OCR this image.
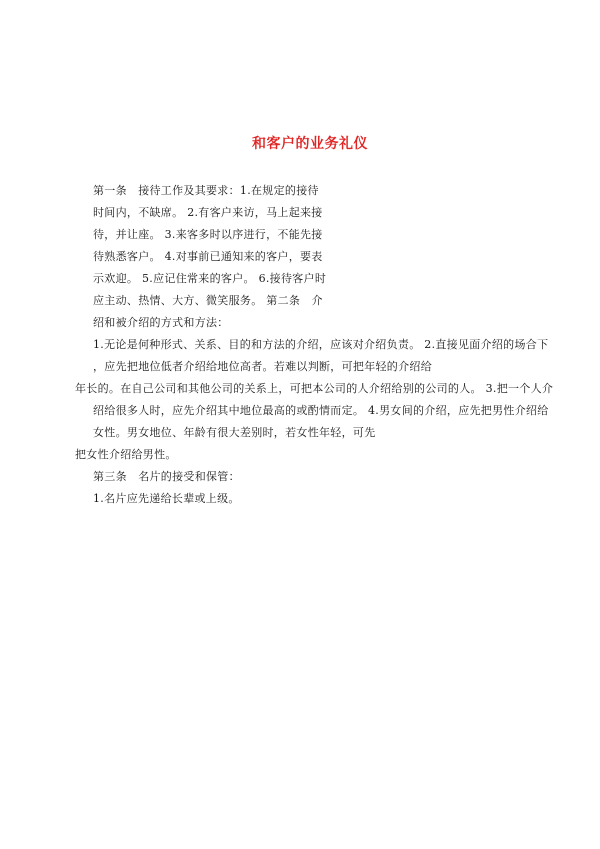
和客户的业务礼仪
第一条　接待工作及其要求：1.在规定的接待
时间内，不缺席。 2.有客户来访，马上起来接
待，并让座。 3.来客多时以序进行，不能先接
待熟悉客户。 4.对事前已通知来的客户，要表
示欢迎。 5.应记住常来的客户。 6.接待客户时
应主动、热情、大方、微笑服务。 第二条　介
绍和被介绍的方式和方法：
1.无论是何种形式、关系、目的和方法的介绍，应该对介绍负责。 2.直接见面介绍的场合下
，应先把地位低者介绍给地位高者。若难以判断，可把年轻的介绍给
年长的。在自己公司和其他公司的关系上，可把本公司的人介绍给别的公司的人。 3.把一个人介
绍给很多人时，应先介绍其中地位最高的或酌情而定。 4.男女间的介绍，应先把男性介绍给
女性。男女地位、年龄有很大差别时，若女性年轻，可先
把女性介绍给男性。
第三条　名片的接受和保管：
1.名片应先递给长辈或上级。
